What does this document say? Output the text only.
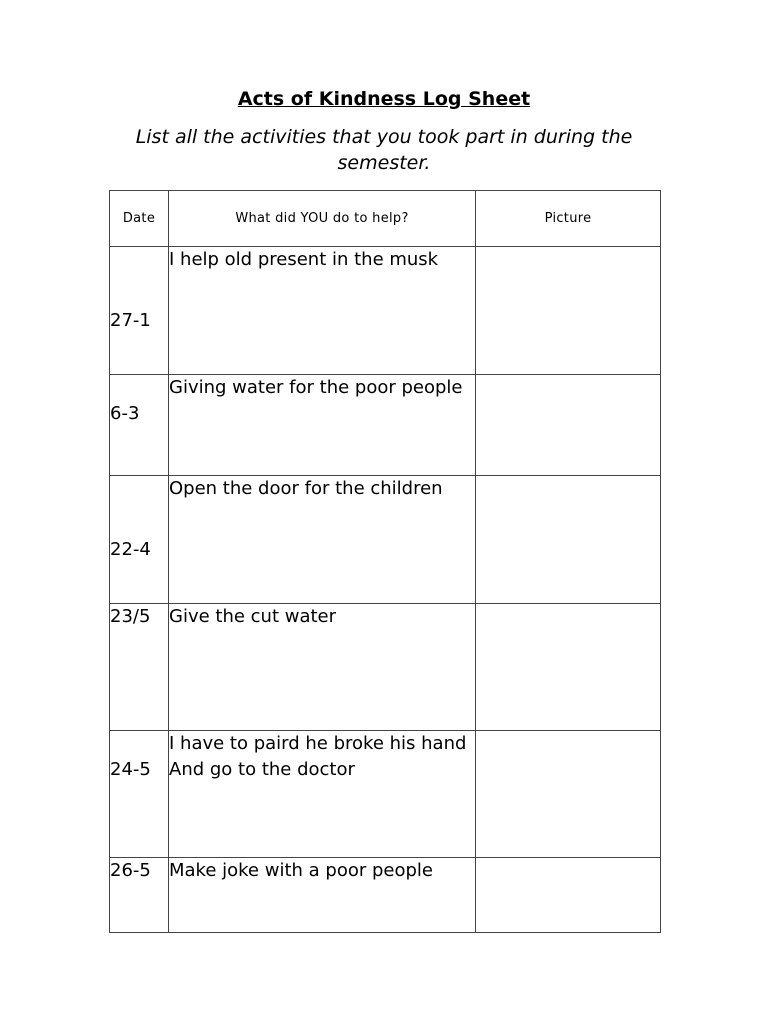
Acts of Kindness Log Sheet
List all the activities that you took part in during the semester.
Date	What did YOU do to help?	Picture
27-1	I help old present in the musk	
6-3	Giving water for the poor people	
22-4	Open the door for the children	
23/5	Give the cut water	
24-5	I have to paird he broke his hand
And go to the doctor	
26-5	Make joke with a poor people	
